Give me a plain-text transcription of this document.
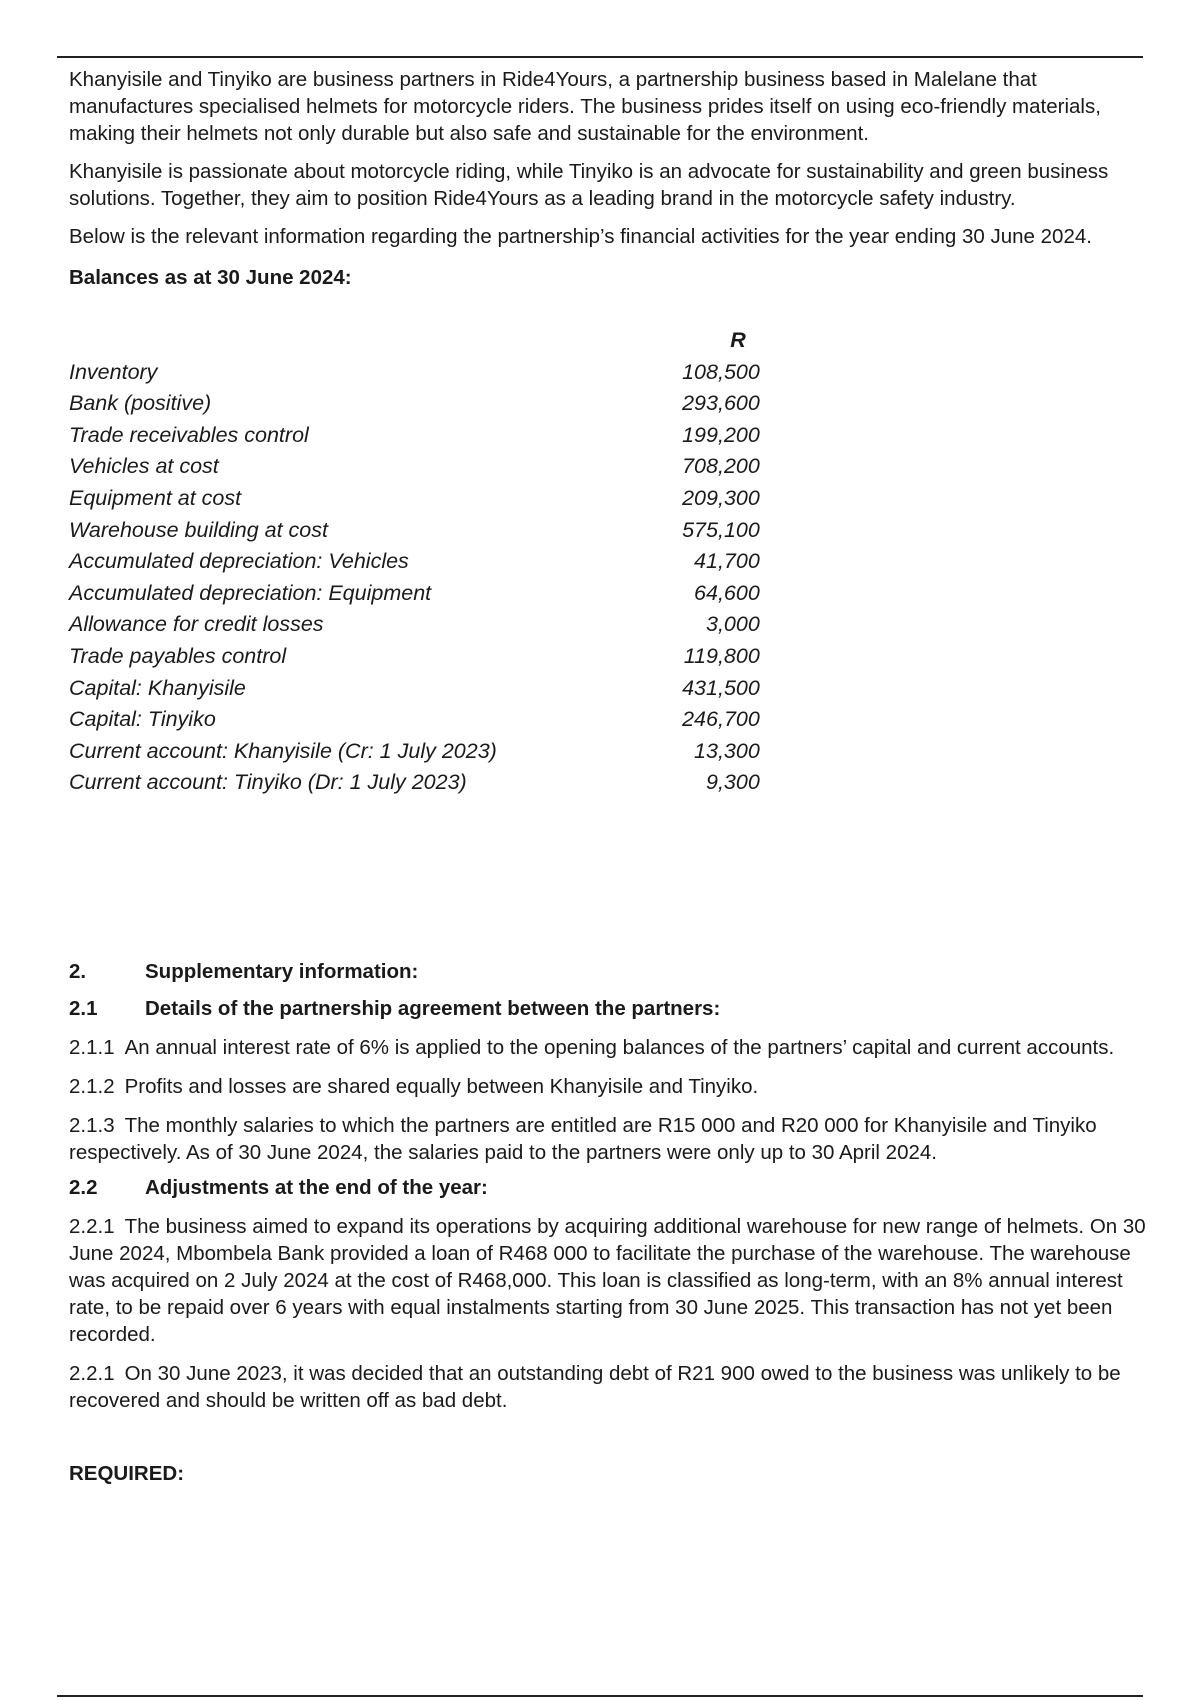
Khanyisile and Tinyiko are business partners in Ride4Yours, a partnership business based in Malelane that manufactures specialised helmets for motorcycle riders. The business prides itself on using eco-friendly materials, making their helmets not only durable but also safe and sustainable for the environment.

Khanyisile is passionate about motorcycle riding, while Tinyiko is an advocate for sustainability and green business solutions. Together, they aim to position Ride4Yours as a leading brand in the motorcycle safety industry.

Below is the relevant information regarding the partnership’s financial activities for the year ending 30 June 2024.

Balances as at 30 June 2024:
	R
Inventory	108,500
Bank (positive)	293,600
Trade receivables control	199,200
Vehicles at cost	708,200
Equipment at cost	209,300
Warehouse building at cost	575,100
Accumulated depreciation: Vehicles	41,700
Accumulated depreciation: Equipment	64,600
Allowance for credit losses	3,000
Trade payables control	119,800
Capital: Khanyisile	431,500
Capital: Tinyiko	246,700
Current account: Khanyisile (Cr: 1 July 2023)	13,300
Current account: Tinyiko (Dr: 1 July 2023)	9,300
2.	Supplementary information:
2.1	Details of the partnership agreement between the partners:
2.1.1 An annual interest rate of 6% is applied to the opening balances of the partners’ capital and current accounts.
2.1.2 Profits and losses are shared equally between Khanyisile and Tinyiko.
2.1.3 The monthly salaries to which the partners are entitled are R15 000 and R20 000 for Khanyisile and Tinyiko respectively. As of 30 June 2024, the salaries paid to the partners were only up to 30 April 2024.
2.2	Adjustments at the end of the year:
2.2.1 The business aimed to expand its operations by acquiring additional warehouse for new range of helmets. On 30 June 2024, Mbombela Bank provided a loan of R468 000 to facilitate the purchase of the warehouse. The warehouse was acquired on 2 July 2024 at the cost of R468,000. This loan is classified as long-term, with an 8% annual interest rate, to be repaid over 6 years with equal instalments starting from 30 June 2025. This transaction has not yet been recorded.
2.2.1 On 30 June 2023, it was decided that an outstanding debt of R21 900 owed to the business was unlikely to be recovered and should be written off as bad debt.
REQUIRED:
